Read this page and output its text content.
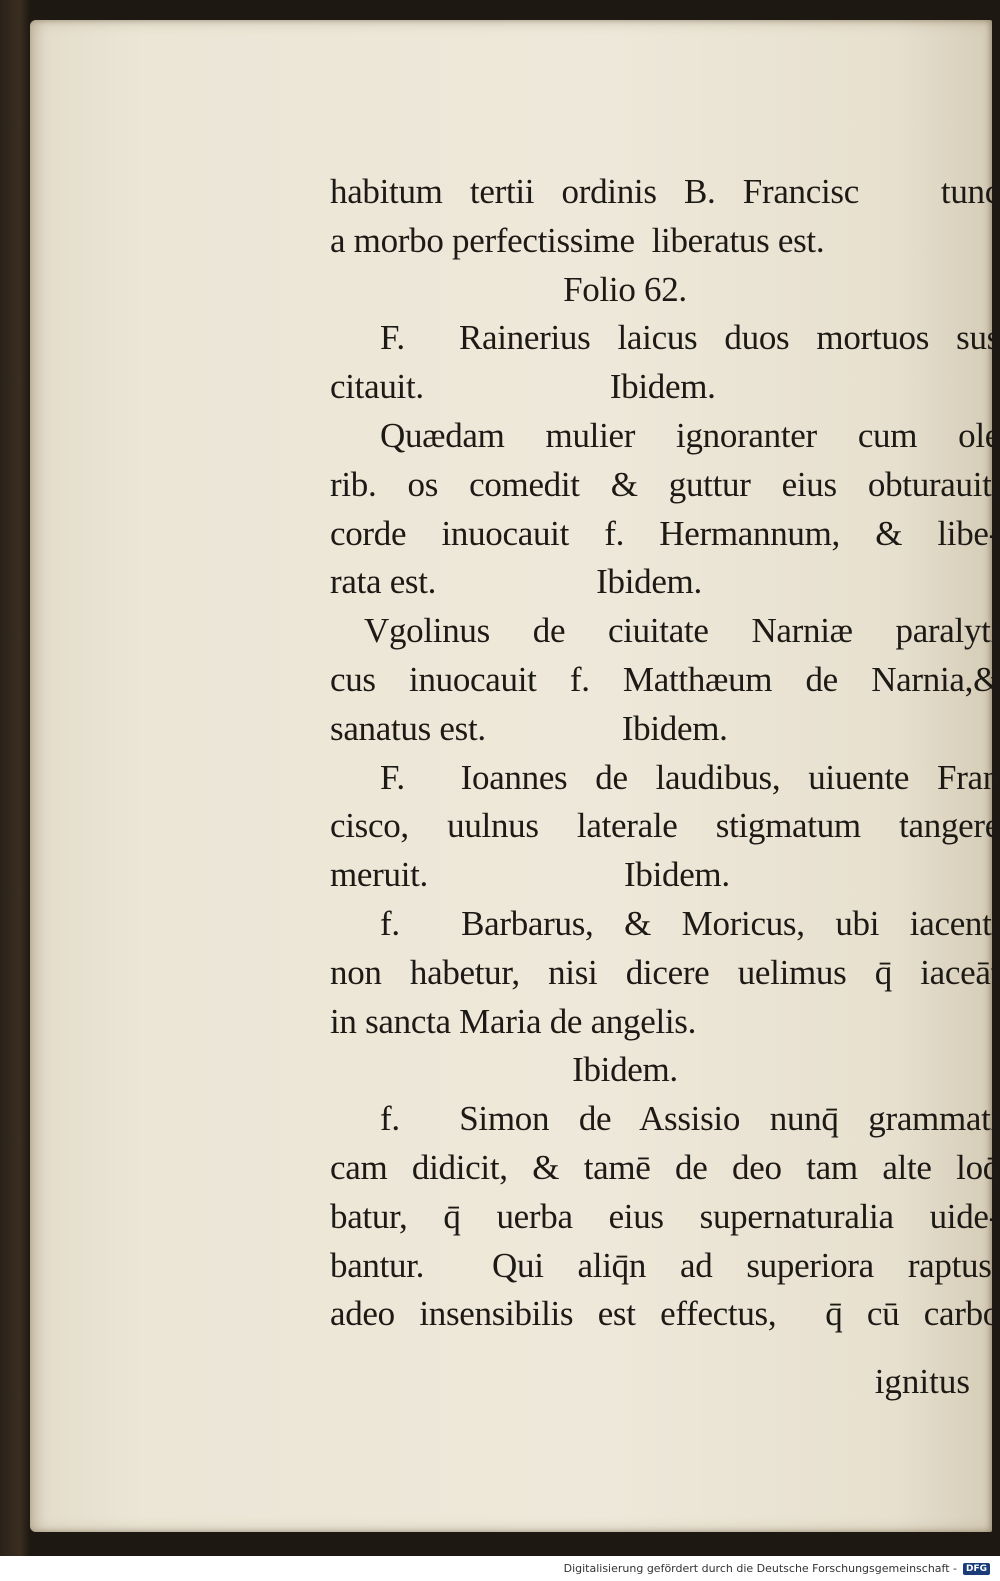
habitum tertii ordinis B. Francisc   tunc
a morbo perfectissime  liberatus est.
Folio 62.
F.  Rainerius laicus duos mortuos sus
citauit.	Ibidem.
Quædam mulier ignoranter cum ole
rib. os comedit & guttur eius obturauit,
corde inuocauit f. Hermannum, & libe-
rata est.	Ibidem.
Vgolinus de ciuitate Narniæ paralyti
cus inuocauit f. Matthæum de Narnia,&
sanatus est.	Ibidem.
F.  Ioannes de laudibus, uiuente Fran
cisco, uulnus laterale stigmatum tangere
meruit.	Ibidem.
f.  Barbarus, & Moricus, ubi iacent,
non habetur, nisi dicere uelimus q̄ iaceāt
in sancta Maria de angelis.
Ibidem.
f.  Simon de Assisio nunq̄ grammati
cam didicit, & tamē de deo tam alte loq̄
batur, q̄ uerba eius supernaturalia uide-
bantur.  Qui aliq̄n ad superiora raptus,
adeo insensibilis est effectus,  q̄ cū carbo
ignitus
Digitalisierung gefördert durch die Deutsche Forschungsgemeinschaft -	DFG
